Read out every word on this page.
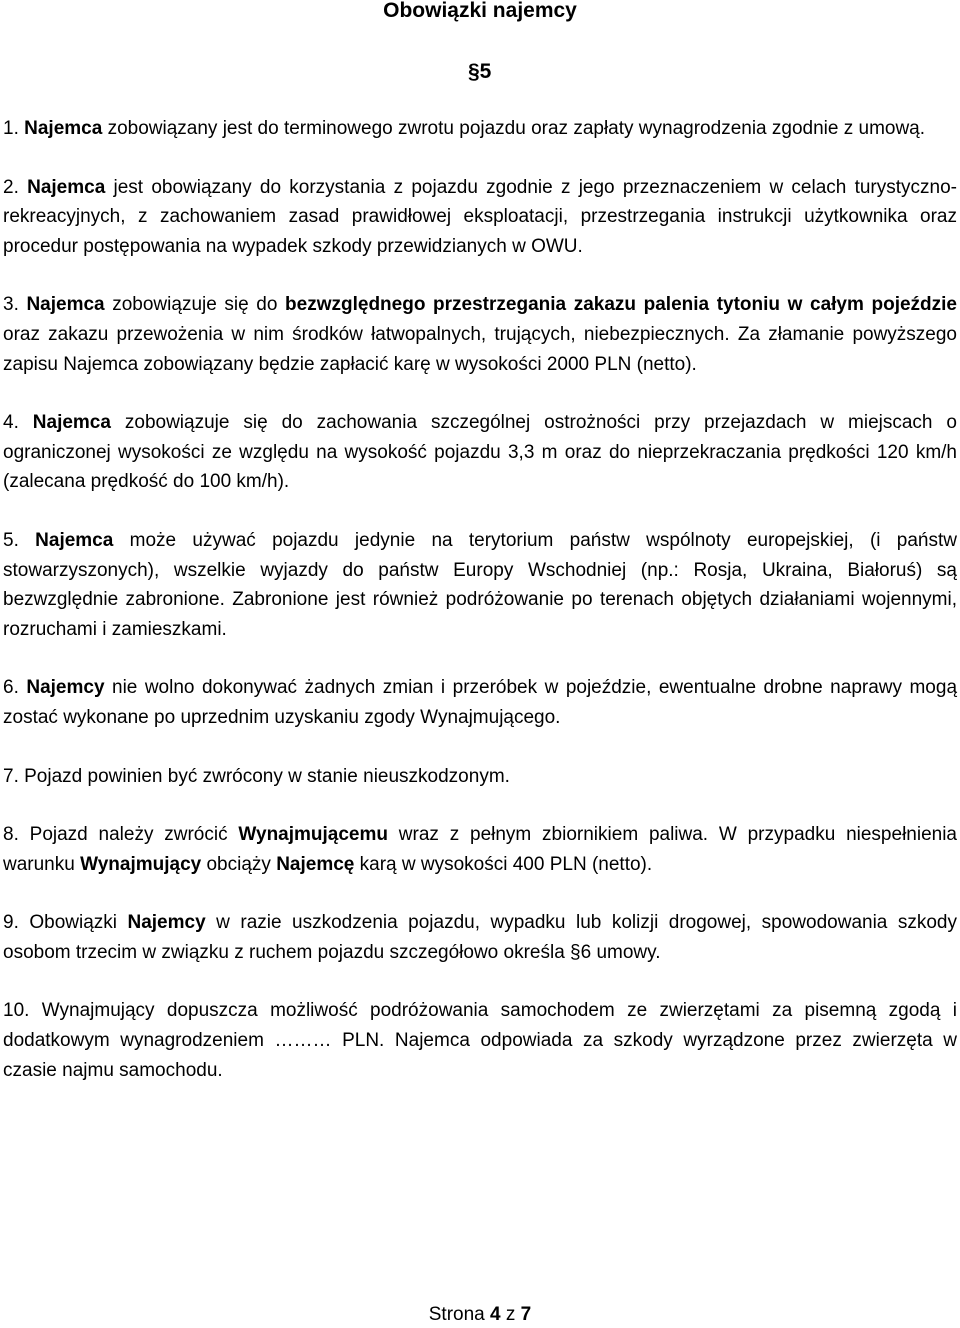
Obowiązki najemcy
§5
1. Najemca zobowiązany jest do terminowego zwrotu pojazdu oraz zapłaty wynagrodzenia zgodnie z umową.
2. Najemca jest obowiązany do korzystania z pojazdu zgodnie z jego przeznaczeniem w celach turystyczno-rekreacyjnych, z zachowaniem zasad prawidłowej eksploatacji, przestrzegania instrukcji użytkownika oraz procedur postępowania na wypadek szkody przewidzianych w OWU.
3. Najemca zobowiązuje się do bezwzględnego przestrzegania zakazu palenia tytoniu w całym pojeździe oraz zakazu przewożenia w nim środków łatwopalnych, trujących, niebezpiecznych. Za złamanie powyższego zapisu Najemca zobowiązany będzie zapłacić karę w wysokości 2000 PLN (netto).
4. Najemca zobowiązuje się do zachowania szczególnej ostrożności przy przejazdach w miejscach o ograniczonej wysokości ze względu na wysokość pojazdu 3,3 m oraz do nieprzekraczania prędkości 120 km/h (zalecana prędkość do 100 km/h).
5. Najemca może używać pojazdu jedynie na terytorium państw wspólnoty europejskiej, (i państw stowarzyszonych), wszelkie wyjazdy do państw Europy Wschodniej (np.: Rosja, Ukraina, Białoruś) są bezwzględnie zabronione. Zabronione jest również podróżowanie po terenach objętych działaniami wojennymi, rozruchami i zamieszkami.
6. Najemcy nie wolno dokonywać żadnych zmian i przeróbek w pojeździe, ewentualne drobne naprawy mogą zostać wykonane po uprzednim uzyskaniu zgody Wynajmującego.
7. Pojazd powinien być zwrócony w stanie nieuszkodzonym.
8. Pojazd należy zwrócić Wynajmującemu wraz z pełnym zbiornikiem paliwa. W przypadku niespełnienia warunku Wynajmujący obciąży Najemcę karą w wysokości 400 PLN (netto).
9. Obowiązki Najemcy w razie uszkodzenia pojazdu, wypadku lub kolizji drogowej, spowodowania szkody osobom trzecim w związku z ruchem pojazdu szczegółowo określa §6 umowy.
10. Wynajmujący dopuszcza możliwość podróżowania samochodem ze zwierzętami za pisemną zgodą i dodatkowym wynagrodzeniem ……… PLN. Najemca odpowiada za szkody wyrządzone przez zwierzęta w czasie najmu samochodu.
Strona 4 z 7
